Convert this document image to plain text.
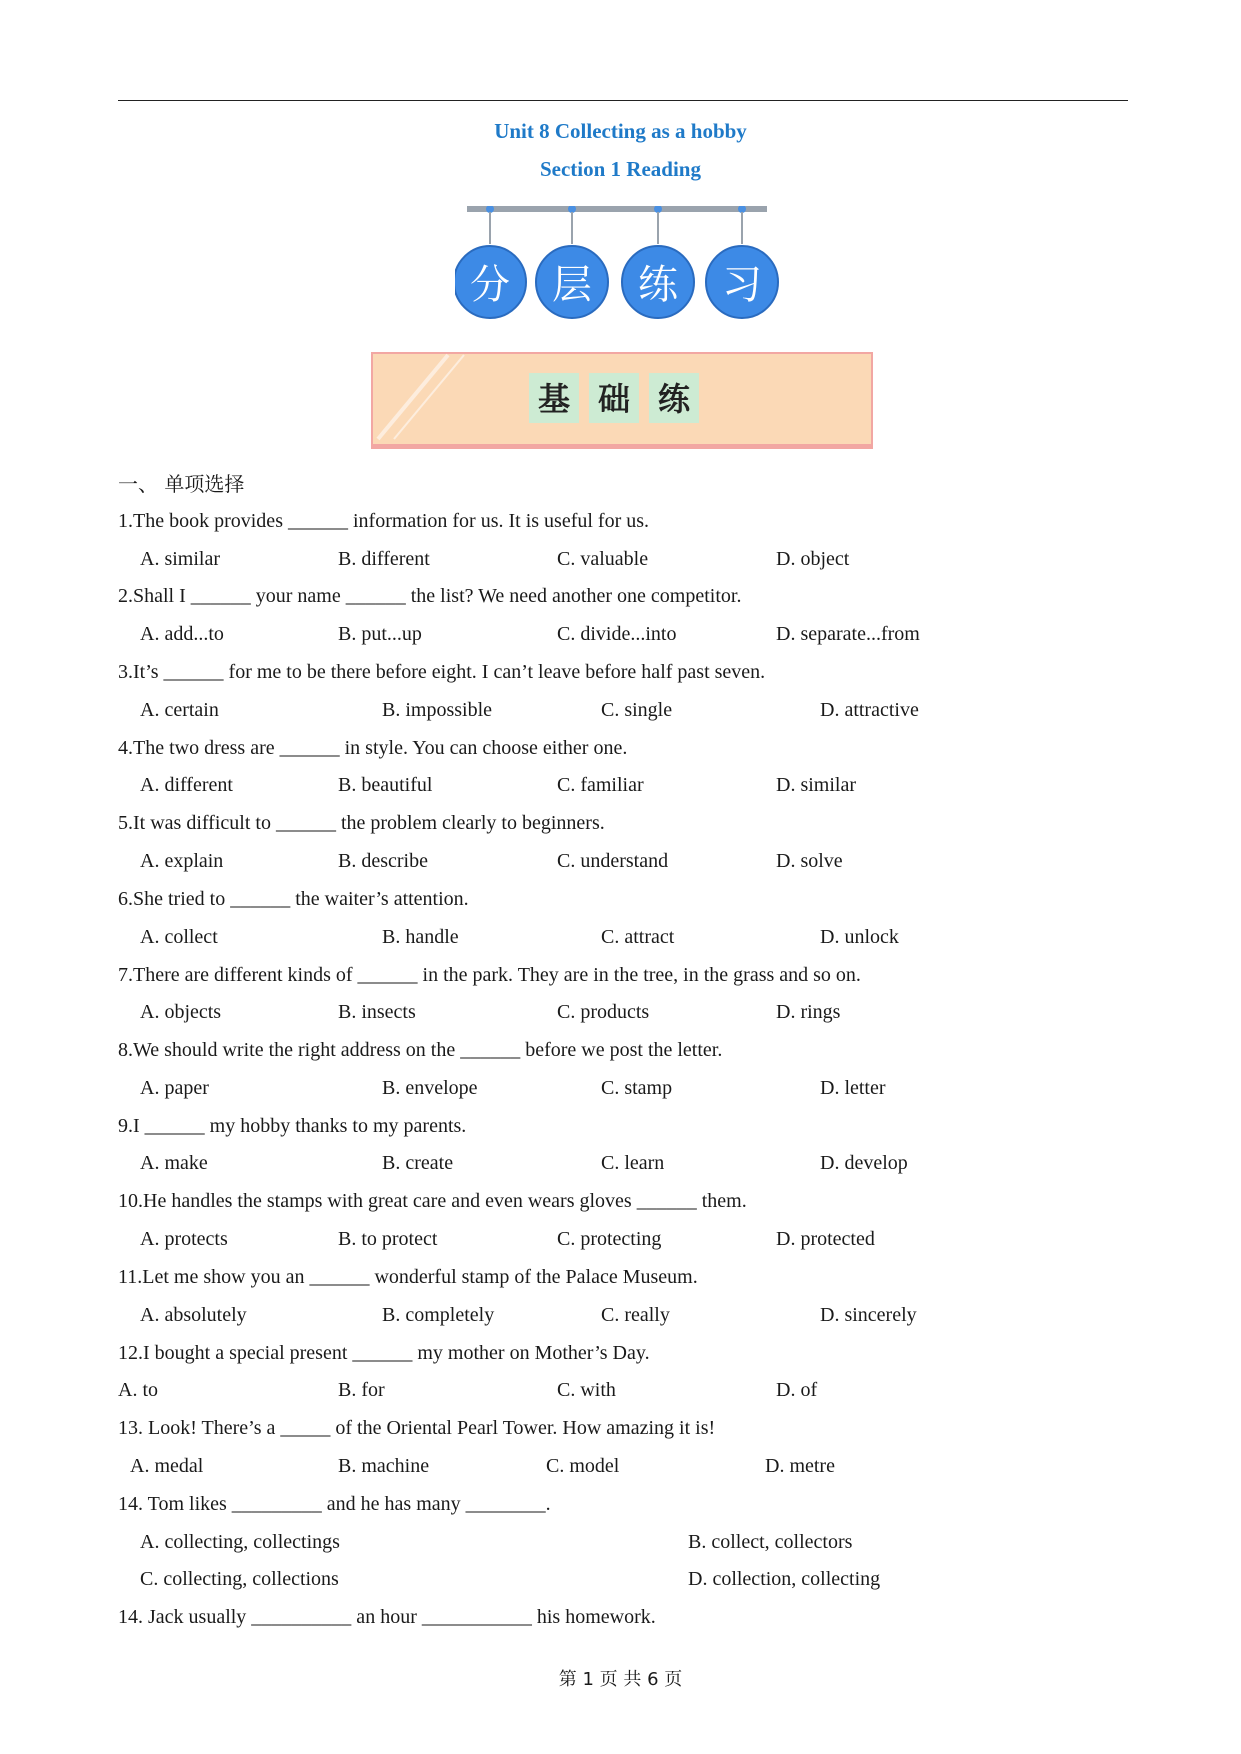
Unit 8 Collecting as a hobby
Section 1 Reading
分 层 练 习
基 础 练
一、 单项选择
1.The book provides ______ information for us. It is useful for us.
A. similar	B. different	C. valuable	D. object
2.Shall I ______ your name ______ the list? We need another one competitor.
A. add...to	B. put...up	C. divide...into	D. separate...from
3.It’s ______ for me to be there before eight. I can’t leave before half past seven.
A. certain	B. impossible	C. single	D. attractive
4.The two dress are ______ in style. You can choose either one.
A. different	B. beautiful	C. familiar	D. similar
5.It was difficult to ______ the problem clearly to beginners.
A. explain	B. describe	C. understand	D. solve
6.She tried to ______ the waiter’s attention.
A. collect	B. handle	C. attract	D. unlock
7.There are different kinds of ______ in the park. They are in the tree, in the grass and so on.
A. objects	B. insects	C. products	D. rings
8.We should write the right address on the ______ before we post the letter.
A. paper	B. envelope	C. stamp	D. letter
9.I ______ my hobby thanks to my parents.
A. make	B. create	C. learn	D. develop
10.He handles the stamps with great care and even wears gloves ______ them.
A. protects	B. to protect	C. protecting	D. protected
11.Let me show you an ______ wonderful stamp of the Palace Museum.
A. absolutely	B. completely	C. really	D. sincerely
12.I bought a special present ______ my mother on Mother’s Day.
A. to	B. for	C. with	D. of
13. Look! There’s a _____ of the Oriental Pearl Tower. How amazing it is!
A. medal	B. machine	C. model	D. metre
14. Tom likes _________ and he has many ________.
A. collecting, collectings	B. collect, collectors
C. collecting, collections	D. collection, collecting
14. Jack usually __________ an hour ___________ his homework.
第 1 页 共 6 页
